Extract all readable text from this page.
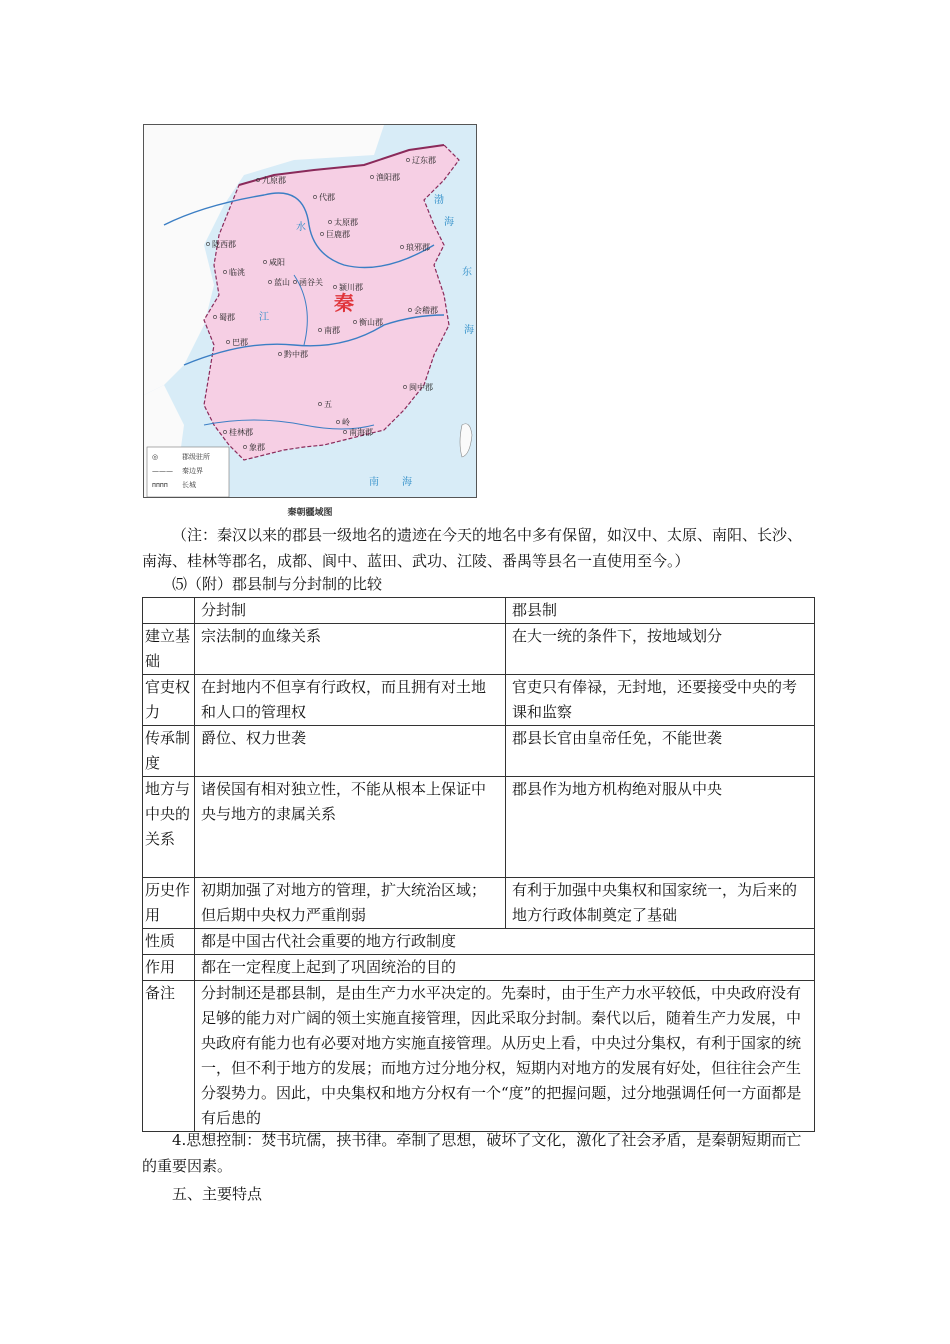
秦
辽东郡
渔阳郡
九原郡
代郡
太原郡
巨鹿郡
陇西郡
咸阳
临洮
函谷关
蓝山
颍川郡
琅邪郡
蜀郡
南郡
衡山郡
会稽郡
巴郡
黔中郡
闽中郡
桂林郡
象郡
南海郡
五
岭
渤
海
东
海
南 海
江
水
◎	郡级驻所
——— 秦边界
ᴨᴨᴨᴨ 长城
秦朝疆域图
（注：秦汉以来的郡县一级地名的遗迹在今天的地名中多有保留，如汉中、太原、南阳、长沙、南海、桂林等郡名，成都、阆中、蓝田、武功、江陵、番禺等县名一直使用至今。）
⑸（附）郡县制与分封制的比较
	分封制	郡县制
建立基础	宗法制的血缘关系	在大一统的条件下，按地域划分
官吏权力	在封地内不但享有行政权，而且拥有对土地和人口的管理权	官吏只有俸禄，无封地，还要接受中央的考课和监察
传承制度	爵位、权力世袭	郡县长官由皇帝任免，不能世袭
地方与中央的关系	诸侯国有相对独立性，不能从根本上保证中央与地方的隶属关系	郡县作为地方机构绝对服从中央
历史作用	初期加强了对地方的管理，扩大统治区域；但后期中央权力严重削弱	有利于加强中央集权和国家统一，为后来的地方行政体制奠定了基础
性质	都是中国古代社会重要的地方行政制度	
作用	都在一定程度上起到了巩固统治的目的	
备注	分封制还是郡县制，是由生产力水平决定的。先秦时，由于生产力水平较低，中央政府没有足够的能力对广阔的领土实施直接管理，因此采取分封制。秦代以后，随着生产力发展，中央政府有能力也有必要对地方实施直接管理。从历史上看，中央过分集权，有利于国家的统一，但不利于地方的发展；而地方过分地分权，短期内对地方的发展有好处，但往往会产生分裂势力。因此，中央集权和地方分权有一个“度”的把握问题，过分地强调任何一方面都是有后患的	
4.思想控制：焚书坑儒，挟书律。牵制了思想，破坏了文化，激化了社会矛盾，是秦朝短期而亡的重要因素。
五、主要特点
